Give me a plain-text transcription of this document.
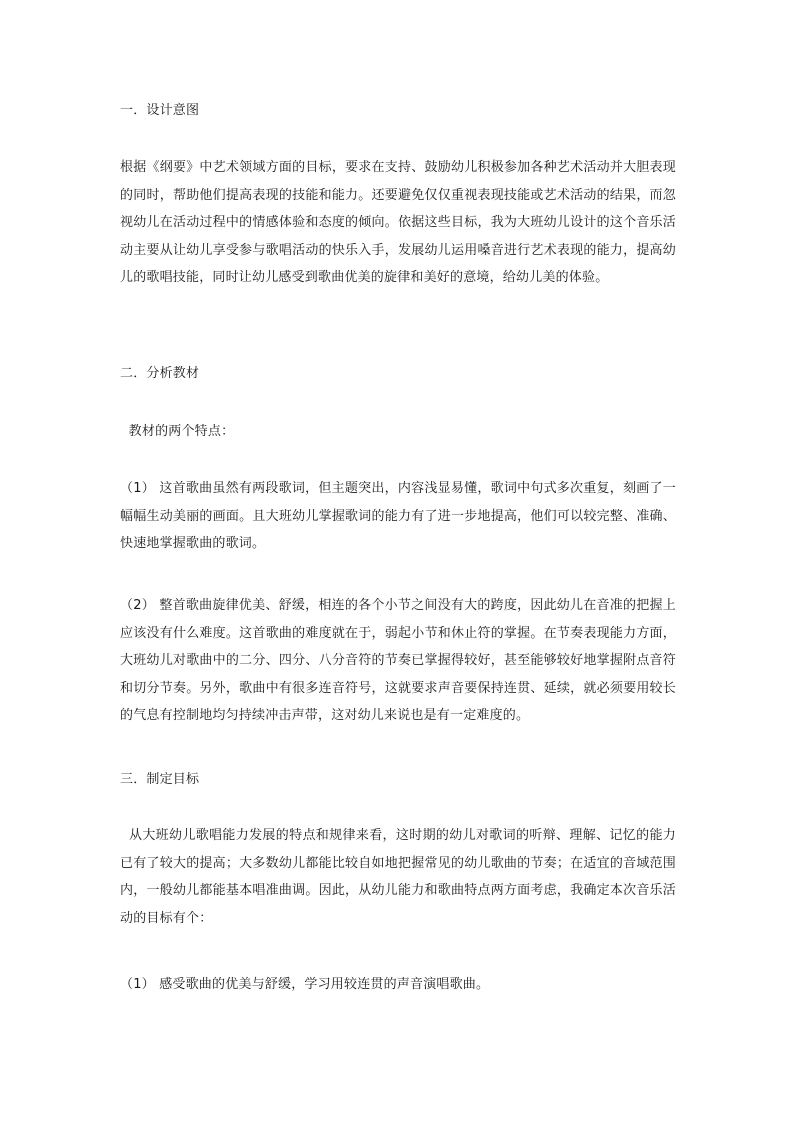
一．设计意图

根据《纲要》中艺术领域方面的目标，要求在支持、鼓励幼儿积极参加各种艺术活动并大胆表现的同时，帮助他们提高表现的技能和能力。还要避免仅仅重视表现技能或艺术活动的结果，而忽视幼儿在活动过程中的情感体验和态度的倾向。依据这些目标，我为大班幼儿设计的这个音乐活动主要从让幼儿享受参与歌唱活动的快乐入手，发展幼儿运用嗓音进行艺术表现的能力，提高幼儿的歌唱技能，同时让幼儿感受到歌曲优美的旋律和美好的意境，给幼儿美的体验。

二．分析教材

教材的两个特点：

（1） 这首歌曲虽然有两段歌词，但主题突出，内容浅显易懂，歌词中句式多次重复，刻画了一幅幅生动美丽的画面。且大班幼儿掌握歌词的能力有了进一步地提高，他们可以较完整、准确、快速地掌握歌曲的歌词。

（2） 整首歌曲旋律优美、舒缓，相连的各个小节之间没有大的跨度，因此幼儿在音准的把握上应该没有什么难度。这首歌曲的难度就在于，弱起小节和休止符的掌握。在节奏表现能力方面，大班幼儿对歌曲中的二分、四分、八分音符的节奏已掌握得较好，甚至能够较好地掌握附点音符和切分节奏。另外，歌曲中有很多连音符号，这就要求声音要保持连贯、延续，就必须要用较长的气息有控制地均匀持续冲击声带，这对幼儿来说也是有一定难度的。

三．制定目标

从大班幼儿歌唱能力发展的特点和规律来看，这时期的幼儿对歌词的听辩、理解、记忆的能力已有了较大的提高；大多数幼儿都能比较自如地把握常见的幼儿歌曲的节奏；在适宜的音域范围内，一般幼儿都能基本唱准曲调。因此，从幼儿能力和歌曲特点两方面考虑，我确定本次音乐活动的目标有个：

（1） 感受歌曲的优美与舒缓，学习用较连贯的声音演唱歌曲。
